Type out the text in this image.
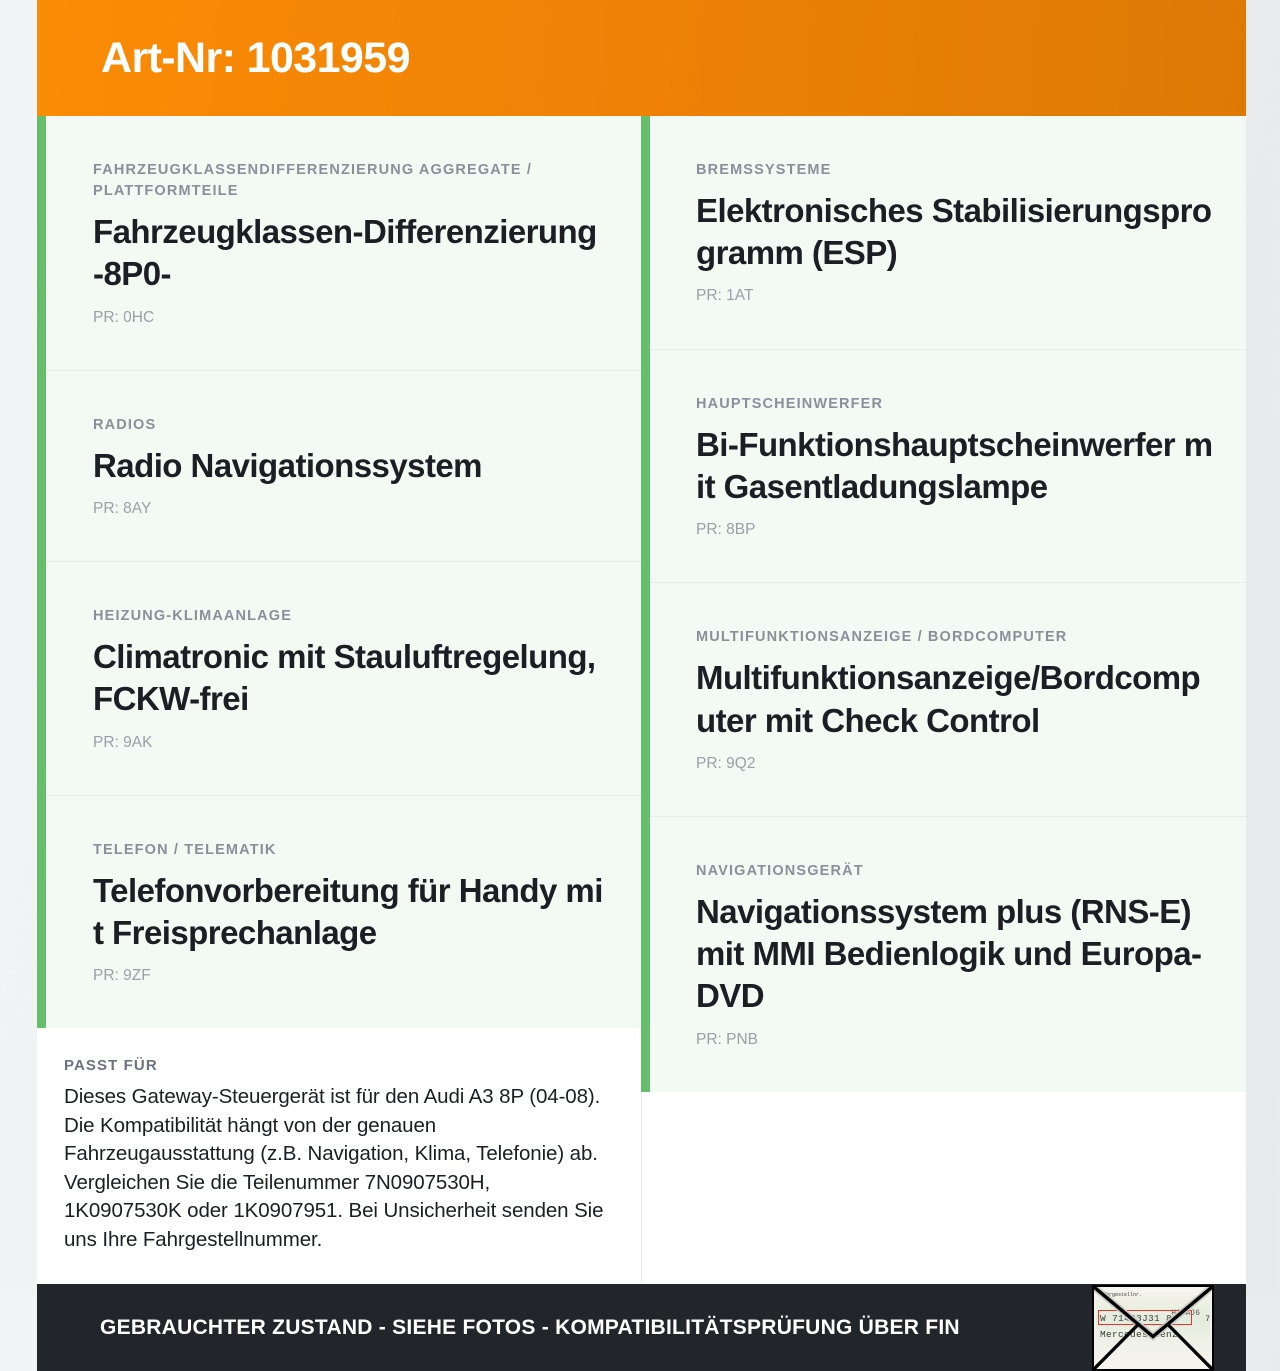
Art-Nr: 1031959
FAHRZEUGKLASSENDIFFERENZIERUNG AGGREGATE / PLATTFORMTEILE
Fahrzeugklassen-Differenzierung -8P0-
PR: 0HC
RADIOS
Radio Navigationssystem
PR: 8AY
HEIZUNG-KLIMAANLAGE
Climatronic mit Stauluftregelung, FCKW-frei
PR: 9AK
TELEFON / TELEMATIK
Telefonvorbereitung für Handy mit Freisprechanlage
PR: 9ZF
PASST FÜR

Dieses Gateway-Steuergerät ist für den Audi A3 8P (04-08). Die Kompatibilität hängt von der genauen Fahrzeugausstattung (z.B. Navigation, Klima, Telefonie) ab. Vergleichen Sie die Teilenummer 7N0907530H, 1K0907530K oder 1K0907951. Bei Unsicherheit senden Sie uns Ihre Fahrgestellnummer.

BREMSSYSTEME
Elektronisches Stabilisierungsprogramm (ESP)
PR: 1AT
HAUPTSCHEINWERFER
Bi-Funktionshauptscheinwerfer mit Gasentladungslampe
PR: 8BP
MULTIFUNKTIONSANZEIGE / BORDCOMPUTER
Multifunktionsanzeige/Bordcomputer mit Check Control
PR: 9Q2
NAVIGATIONSGERÄT
Navigationssystem plus (RNS-E) mit MMI Bedienlogik und Europa-DVD
PR: PNB
GEBRAUCHTER ZUSTAND - SIEHE FOTOS - KOMPATIBILITÄTSPRÜFUNG ÜBER FIN
Fahrgestellnr.
H| AJ6
W 71463J31 8	7
Mercedes-Benz
